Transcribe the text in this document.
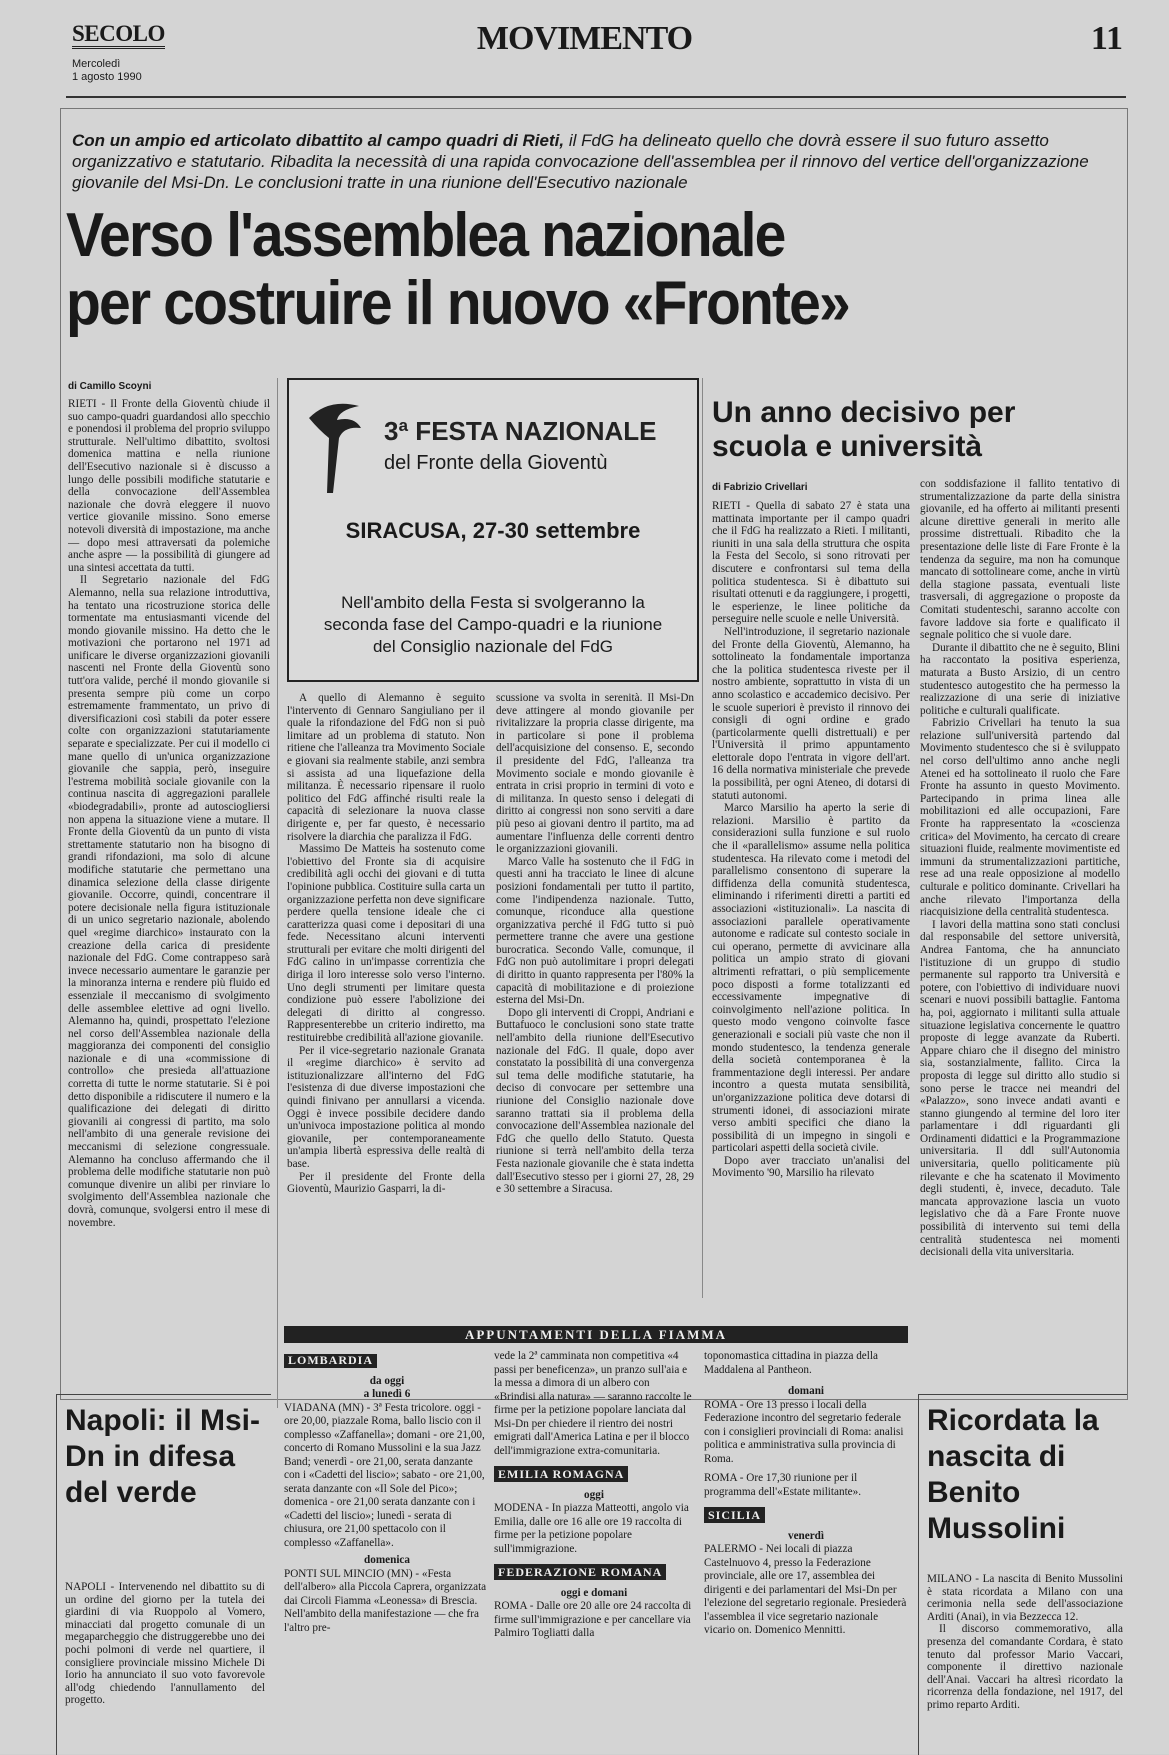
SECOLO
Mercoledì
1 agosto 1990
MOVIMENTO	11
Con un ampio ed articolato dibattito al campo quadri di Rieti, il FdG ha delineato quello che dovrà essere il suo futuro assetto organizzativo e statutario. Ribadita la necessità di una rapida convocazione dell'assemblea per il rinnovo del vertice dell'organizzazione giovanile del Msi-Dn. Le conclusioni tratte in una riunione dell'Esecutivo nazionale
Verso l'assemblea nazionale
per costruire il nuovo «Fronte»
di Camillo Scoyni

RIETI - Il Fronte della Gioventù chiude il suo campo-quadri guardandosi allo specchio e ponendosi il problema del proprio sviluppo strutturale. Nell'ultimo dibattito, svoltosi domenica mattina e nella riunione dell'Esecutivo nazionale si è discusso a lungo delle possibili modifiche statutarie e della convocazione dell'Assemblea nazionale che dovrà eleggere il nuovo vertice giovanile missino. Sono emerse notevoli diversità di impostazione, ma anche — dopo mesi attraversati da polemiche anche aspre — la possibilità di giungere ad una sintesi accettata da tutti.

Il Segretario nazionale del FdG Alemanno, nella sua relazione introduttiva, ha tentato una ricostruzione storica delle tormentate ma entusiasmanti vicende del mondo giovanile missino. Ha detto che le motivazioni che portarono nel 1971 ad unificare le diverse organizzazioni giovanili nascenti nel Fronte della Gioventù sono tutt'ora valide, perché il mondo giovanile si presenta sempre più come un corpo estremamente frammentato, un privo di diversificazioni così stabili da poter essere colte con organizzazioni statutariamente separate e specializzate. Per cui il modello ci mane quello di un'unica organizzazione giovanile che sappia, però, inseguire l'estrema mobilità sociale giovanile con la continua nascita di aggregazioni parallele «biodegradabili», pronte ad autosciogliersi non appena la situazione viene a mutare. Il Fronte della Gioventù da un punto di vista strettamente statutario non ha bisogno di grandi rifondazioni, ma solo di alcune modifiche statutarie che permettano una dinamica selezione della classe dirigente giovanile. Occorre, quindi, concentrare il potere decisionale nella figura istituzionale di un unico segretario nazionale, abolendo quel «regime diarchico» instaurato con la creazione della carica di presidente nazionale del FdG. Come contrappeso sarà invece necessario aumentare le garanzie per la minoranza interna e rendere più fluido ed essenziale il meccanismo di svolgimento delle assemblee elettive ad ogni livello. Alemanno ha, quindi, prospettato l'elezione nel corso dell'Assemblea nazionale della maggioranza dei componenti del consiglio nazionale e di una «commissione di controllo» che presieda all'attuazione corretta di tutte le norme statutarie. Si è poi detto disponibile a ridiscutere il numero e la qualificazione dei delegati di diritto giovanili ai congressi di partito, ma solo nell'ambito di una generale revisione dei meccanismi di selezione congressuale. Alemanno ha concluso affermando che il problema delle modifiche statutarie non può comunque divenire un alibi per rinviare lo svolgimento dell'Assemblea nazionale che dovrà, comunque, svolgersi entro il mese di novembre.

3ª FESTA NAZIONALE
del Fronte della Gioventù
SIRACUSA, 27-30 settembre
Nell'ambito della Festa si svolgeranno la seconda fase del Campo-quadri e la riunione del Consiglio nazionale del FdG

A quello di Alemanno è seguito l'intervento di Gennaro Sangiuliano per il quale la rifondazione del FdG non si può limitare ad un problema di statuto. Non ritiene che l'alleanza tra Movimento Sociale e giovani sia realmente stabile, anzi sembra si assista ad una liquefazione della militanza. È necessario ripensare il ruolo politico del FdG affinché risulti reale la capacità di selezionare la nuova classe dirigente e, per far questo, è necessario risolvere la diarchia che paralizza il FdG.

Massimo De Matteis ha sostenuto come l'obiettivo del Fronte sia di acquisire credibilità agli occhi dei giovani e di tutta l'opinione pubblica. Costituire sulla carta un organizzazione perfetta non deve significare perdere quella tensione ideale che ci caratterizza quasi come i depositari di una fede. Necessitano alcuni interventi strutturali per evitare che molti dirigenti del FdG calino in un'impasse correntizia che diriga il loro interesse solo verso l'interno. Uno degli strumenti per limitare questa condizione può essere l'abolizione dei delegati di diritto al congresso. Rappresenterebbe un criterio indiretto, ma restituirebbe credibilità all'azione giovanile.

Per il vice-segretario nazionale Granata il «regime diarchico» è servito ad istituzionalizzare all'interno del FdG l'esistenza di due diverse impostazioni che quindi finivano per annullarsi a vicenda. Oggi è invece possibile decidere dando un'univoca impostazione politica al mondo giovanile, per contemporaneamente un'ampia libertà espressiva delle realtà di base.

Per il presidente del Fronte della Gioventù, Maurizio Gasparri, la di-

scussione va svolta in serenità. Il Msi-Dn deve attingere al mondo giovanile per rivitalizzare la propria classe dirigente, ma in particolare si pone il problema dell'acquisizione del consenso. E, secondo il presidente del FdG, l'alleanza tra Movimento sociale e mondo giovanile è entrata in crisi proprio in termini di voto e di militanza. In questo senso i delegati di diritto ai congressi non sono serviti a dare più peso ai giovani dentro il partito, ma ad aumentare l'influenza delle correnti dentro le organizzazioni giovanili.

Marco Valle ha sostenuto che il FdG in questi anni ha tracciato le linee di alcune posizioni fondamentali per tutto il partito, come l'indipendenza nazionale. Tutto, comunque, riconduce alla questione organizzativa perché il FdG tutto si può permettere tranne che avere una gestione burocratica. Secondo Valle, comunque, il FdG non può autolimitare i propri delegati di diritto in quanto rappresenta per l'80% la capacità di mobilitazione e di proiezione esterna del Msi-Dn.

Dopo gli interventi di Croppi, Andriani e Buttafuoco le conclusioni sono state tratte nell'ambito della riunione dell'Esecutivo nazionale del FdG. Il quale, dopo aver constatato la possibilità di una convergenza sul tema delle modifiche statutarie, ha deciso di convocare per settembre una riunione del Consiglio nazionale dove saranno trattati sia il problema della convocazione dell'Assemblea nazionale del FdG che quello dello Statuto. Questa riunione si terrà nell'ambito della terza Festa nazionale giovanile che è stata indetta dall'Esecutivo stesso per i giorni 27, 28, 29 e 30 settembre a Siracusa.

Un anno decisivo per scuola e università
di Fabrizio Crivellari

RIETI - Quella di sabato 27 è stata una mattinata importante per il campo quadri che il FdG ha realizzato a Rieti. I militanti, riuniti in una sala della struttura che ospita la Festa del Secolo, si sono ritrovati per discutere e confrontarsi sul tema della politica studentesca. Si è dibattuto sui risultati ottenuti e da raggiungere, i progetti, le esperienze, le linee politiche da perseguire nelle scuole e nelle Università.

Nell'introduzione, il segretario nazionale del Fronte della Gioventù, Alemanno, ha sottolineato la fondamentale importanza che la politica studentesca riveste per il nostro ambiente, soprattutto in vista di un anno scolastico e accademico decisivo. Per le scuole superiori è previsto il rinnovo dei consigli di ogni ordine e grado (particolarmente quelli distrettuali) e per l'Università il primo appuntamento elettorale dopo l'entrata in vigore dell'art. 16 della normativa ministeriale che prevede la possibilità, per ogni Ateneo, di dotarsi di statuti autonomi.

Marco Marsilio ha aperto la serie di relazioni. Marsilio è partito da considerazioni sulla funzione e sul ruolo che il «parallelismo» assume nella politica studentesca. Ha rilevato come i metodi del parallelismo consentono di superare la diffidenza della comunità studentesca, eliminando i riferimenti diretti a partiti ed associazioni «istituzionali». La nascita di associazioni parallele operativamente autonome e radicate sul contesto sociale in cui operano, permette di avvicinare alla politica un ampio strato di giovani altrimenti refrattari, o più semplicemente poco disposti a forme totalizzanti ed eccessivamente impegnative di coinvolgimento nell'azione politica. In questo modo vengono coinvolte fasce generazionali e sociali più vaste che non il mondo studentesco, la tendenza generale della società contemporanea è la frammentazione degli interessi. Per andare incontro a questa mutata sensibilità, un'organizzazione politica deve dotarsi di strumenti idonei, di associazioni mirate verso ambiti specifici che diano la possibilità di un impegno in singoli e particolari aspetti della società civile.

Dopo aver tracciato un'analisi del Movimento '90, Marsilio ha rilevato

con soddisfazione il fallito tentativo di strumentalizzazione da parte della sinistra giovanile, ed ha offerto ai militanti presenti alcune direttive generali in merito alle prossime distrettuali. Ribadito che la presentazione delle liste di Fare Fronte è la tendenza da seguire, ma non ha comunque mancato di sottolineare come, anche in virtù della stagione passata, eventuali liste trasversali, di aggregazione o proposte da Comitati studenteschi, saranno accolte con favore laddove sia forte e qualificato il segnale politico che si vuole dare.

Durante il dibattito che ne è seguito, Blini ha raccontato la positiva esperienza, maturata a Busto Arsizio, di un centro studentesco autogestito che ha permesso la realizzazione di una serie di iniziative politiche e culturali qualificate.

Fabrizio Crivellari ha tenuto la sua relazione sull'università partendo dal Movimento studentesco che si è sviluppato nel corso dell'ultimo anno anche negli Atenei ed ha sottolineato il ruolo che Fare Fronte ha assunto in questo Movimento. Partecipando in prima linea alle mobilitazioni ed alle occupazioni, Fare Fronte ha rappresentato la «coscienza critica» del Movimento, ha cercato di creare situazioni fluide, realmente movimentiste ed immuni da strumentalizzazioni partitiche, rese ad una reale opposizione al modello culturale e politico dominante. Crivellari ha anche rilevato l'importanza della riacquisizione della centralità studentesca.

I lavori della mattina sono stati conclusi dal responsabile del settore università, Andrea Fantoma, che ha annunciato l'istituzione di un gruppo di studio permanente sul rapporto tra Università e potere, con l'obiettivo di individuare nuovi scenari e nuovi possibili battaglie. Fantoma ha, poi, aggiornato i militanti sulla attuale situazione legislativa concernente le quattro proposte di legge avanzate da Ruberti. Appare chiaro che il disegno del ministro sia, sostanzialmente, fallito. Circa la proposta di legge sul diritto allo studio si sono perse le tracce nei meandri del «Palazzo», sono invece andati avanti e stanno giungendo al termine del loro iter parlamentare i ddl riguardanti gli Ordinamenti didattici e la Programmazione universitaria. Il ddl sull'Autonomia universitaria, quello politicamente più rilevante e che ha scatenato il Movimento degli studenti, è, invece, decaduto. Tale mancata approvazione lascia un vuoto legislativo che dà a Fare Fronte nuove possibilità di intervento sui temi della centralità studentesca nei momenti decisionali della vita universitaria.

APPUNTAMENTI DELLA FIAMMA
LOMBARDIA

da oggi

a lunedì 6

VIADANA (MN) - 3ª Festa tricolore. oggi - ore 20,00, piazzale Roma, ballo liscio con il complesso «Zaffanella»; domani - ore 21,00, concerto di Romano Mussolini e la sua Jazz Band; venerdì - ore 21,00, serata danzante con i «Cadetti del liscio»; sabato - ore 21,00, serata danzante con «Il Sole del Pico»; domenica - ore 21,00 serata danzante con i «Cadetti del liscio»; lunedì - serata di chiusura, ore 21,00 spettacolo con il complesso «Zaffanella».

domenica

PONTI SUL MINCIO (MN) - «Festa dell'albero» alla Piccola Caprera, organizzata dai Circoli Fiamma «Leonessa» di Brescia. Nell'ambito della manifestazione — che fra l'altro pre-

vede la 2ª camminata non competitiva «4 passi per beneficenza», un pranzo sull'aia e la messa a dimora di un albero con «Brindisi alla natura» — saranno raccolte le firme per la petizione popolare lanciata dal Msi-Dn per chiedere il rientro dei nostri emigrati dall'America Latina e per il blocco dell'immigrazione extra-comunitaria.

EMILIA ROMAGNA

oggi

MODENA - In piazza Matteotti, angolo via Emilia, dalle ore 16 alle ore 19 raccolta di firme per la petizione popolare sull'immigrazione.

FEDERAZIONE ROMANA

oggi e domani

ROMA - Dalle ore 20 alle ore 24 raccolta di firme sull'immigrazione e per cancellare via Palmiro Togliatti dalla

toponomastica cittadina in piazza della Maddalena al Pantheon.

domani

ROMA - Ore 13 presso i locali della Federazione incontro del segretario federale con i consiglieri provinciali di Roma: analisi politica e amministrativa sulla provincia di Roma.

ROMA - Ore 17,30 riunione per il programma dell'«Estate militante».

SICILIA

venerdì

PALERMO - Nei locali di piazza Castelnuovo 4, presso la Federazione provinciale, alle ore 17, assemblea dei dirigenti e dei parlamentari del Msi-Dn per l'elezione del segretario regionale. Presiederà l'assemblea il vice segretario nazionale vicario on. Domenico Mennitti.

Napoli: il Msi-Dn in difesa del verde

NAPOLI - Intervenendo nel dibattito su di un ordine del giorno per la tutela dei giardini di via Ruoppolo al Vomero, minacciati dal progetto comunale di un megaparcheggio che distruggerebbe uno dei pochi polmoni di verde nel quartiere, il consigliere provinciale missino Michele Di Iorio ha annunciato il suo voto favorevole all'odg chiedendo l'annullamento del progetto.

Ricordata la nascita di Benito Mussolini

MILANO - La nascita di Benito Mussolini è stata ricordata a Milano con una cerimonia nella sede dell'associazione Arditi (Anai), in via Bezzecca 12.

Il discorso commemorativo, alla presenza del comandante Cordara, è stato tenuto dal professor Mario Vaccari, componente il direttivo nazionale dell'Anai. Vaccari ha altresì ricordato la ricorrenza della fondazione, nel 1917, del primo reparto Arditi.
